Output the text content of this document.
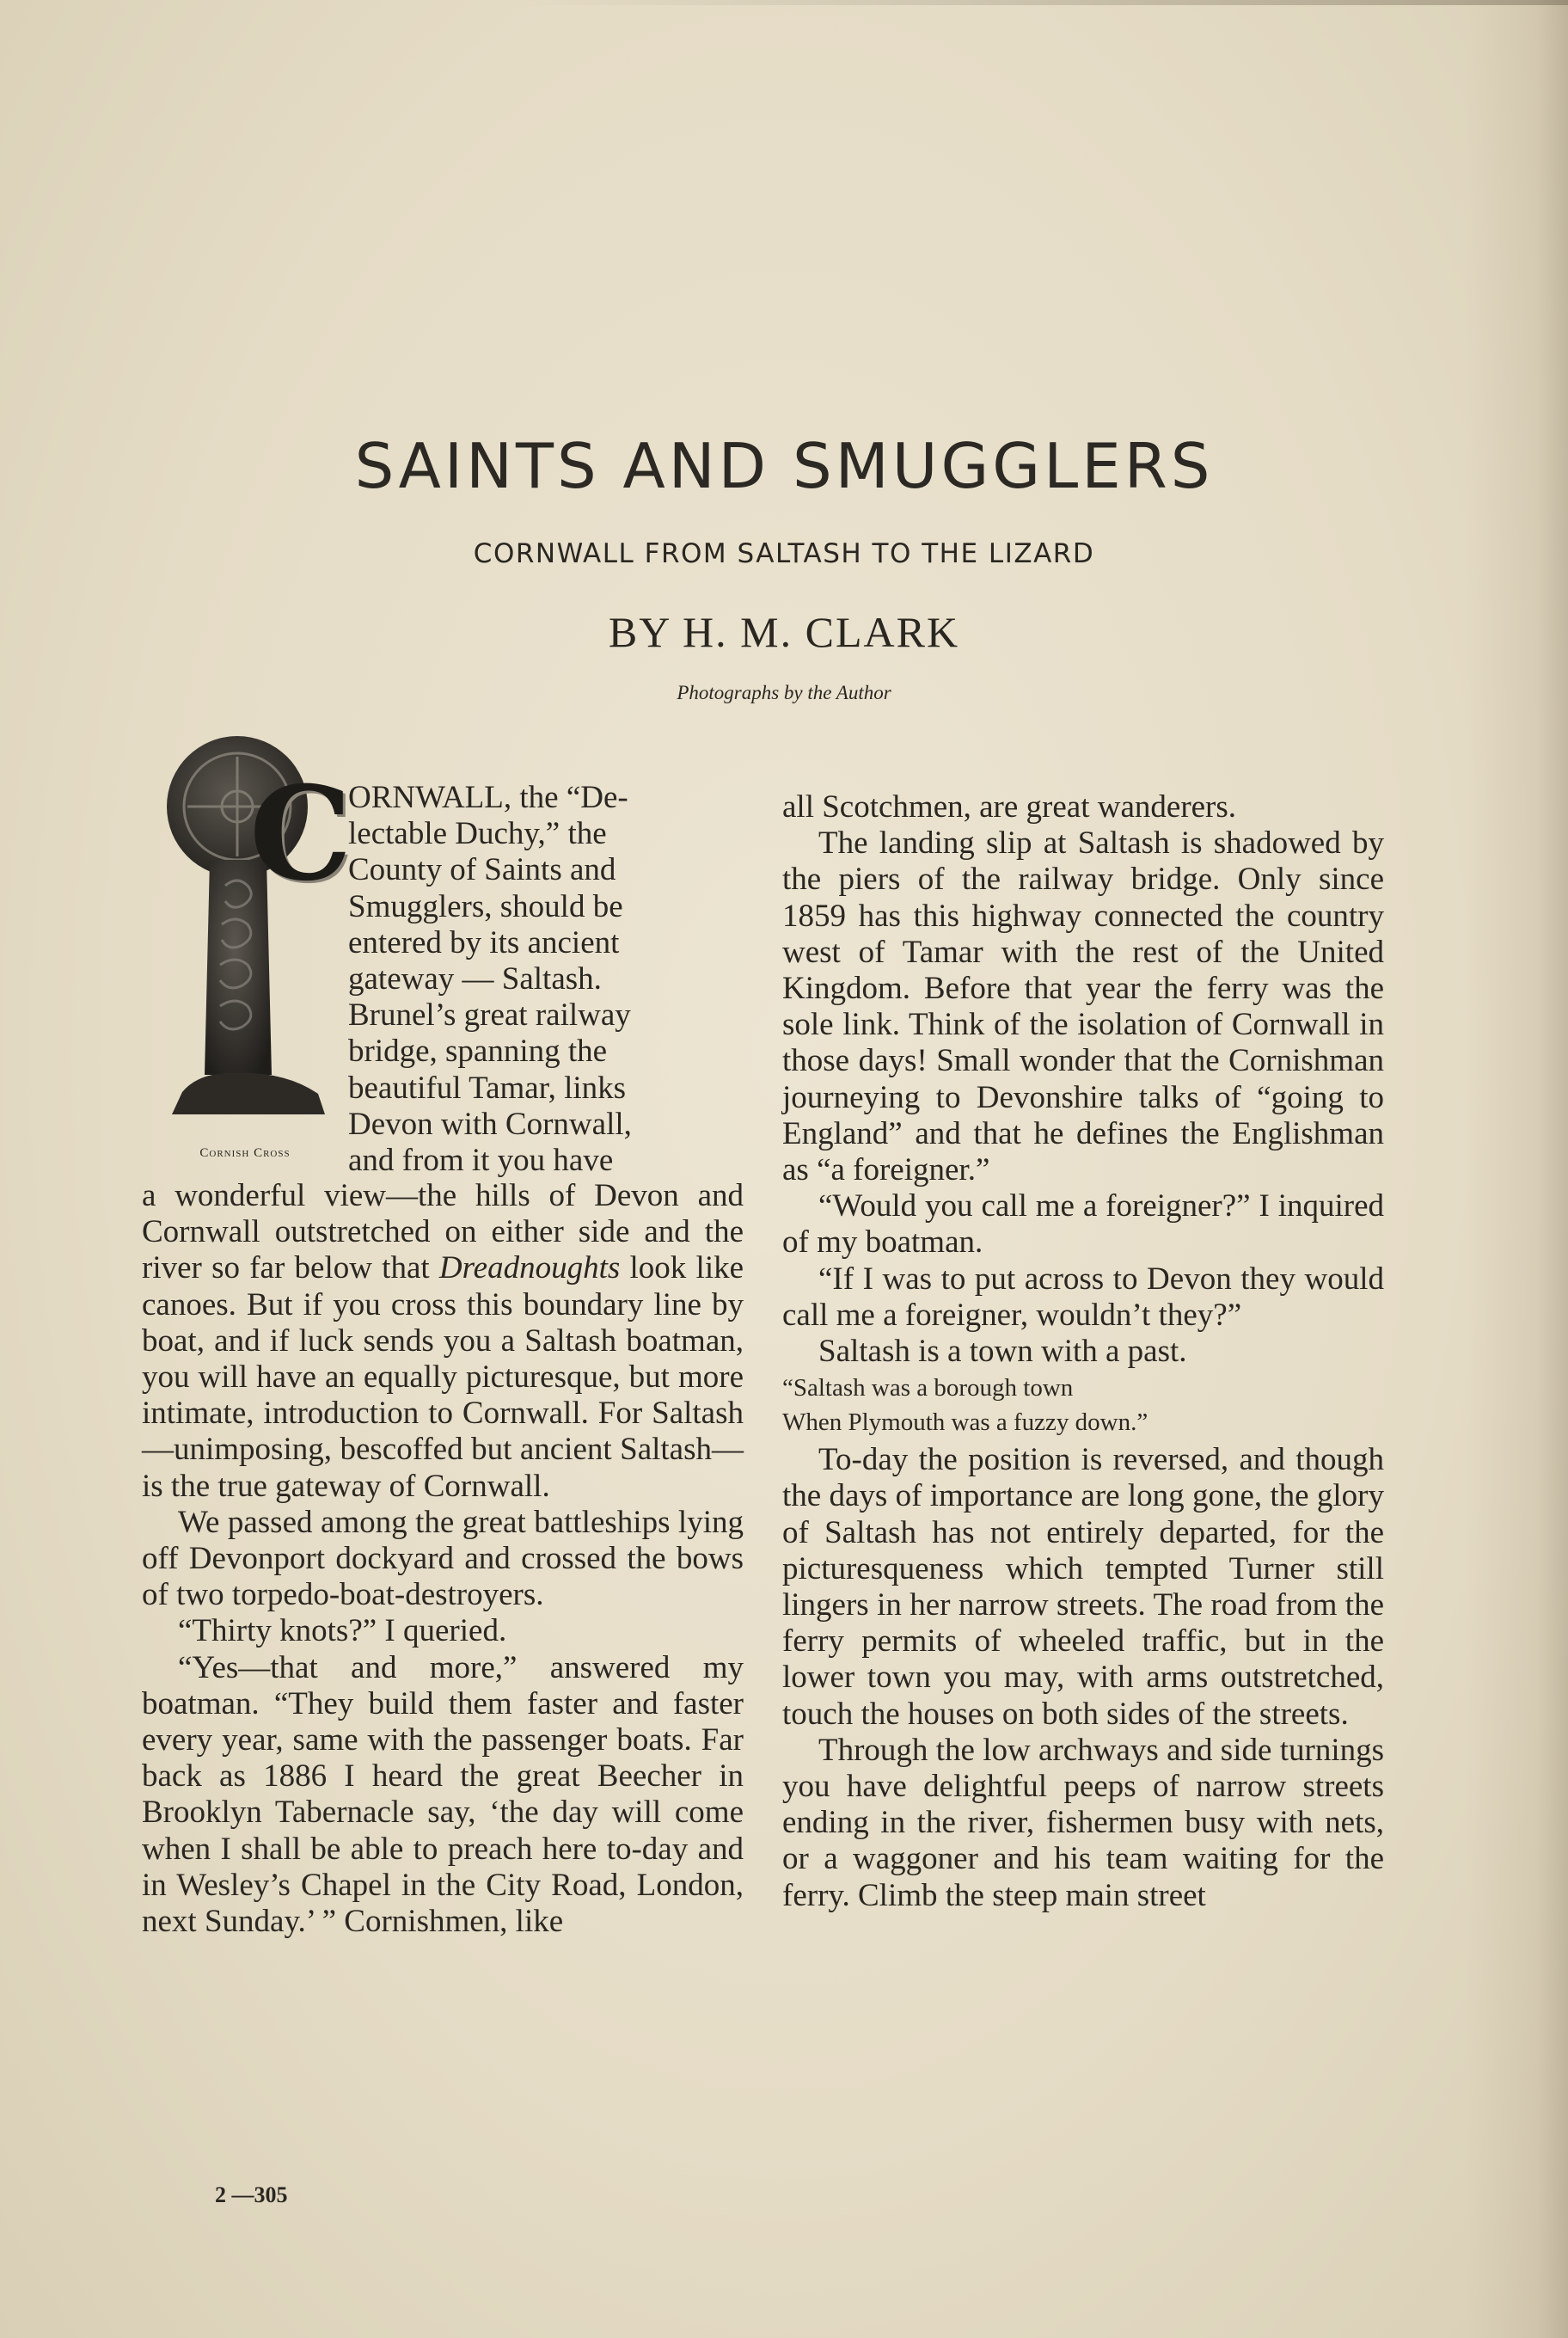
SAINTS AND SMUGGLERS
CORNWALL FROM SALTASH TO THE LIZARD
BY H. M. CLARK
Photographs by the Author
C
Cornish Cross
ORNWALL, the “De-
lectable Duchy,” the
County of Saints and
Smugglers, should be
entered by its ancient
gateway — Saltash.
Brunel’s great railway
bridge, spanning the
beautiful Tamar, links
Devon with Cornwall,
and from it you have

a wonderful view—the hills of Devon and Cornwall outstretched on either side and the river so far below that Dreadnoughts look like canoes. But if you cross this boundary line by boat, and if luck sends you a Saltash boatman, you will have an equally picturesque, but more intimate, introduction to Cornwall. For Saltash—unimposing, bescoffed but ancient Saltash—is the true gateway of Cornwall.

We passed among the great battleships lying off Devonport dockyard and crossed the bows of two torpedo-boat-destroyers.

“Thirty knots?” I queried.

“Yes—that and more,” answered my boatman. “They build them faster and faster every year, same with the passenger boats. Far back as 1886 I heard the great Beecher in Brooklyn Tabernacle say, ‘the day will come when I shall be able to preach here to-day and in Wesley’s Chapel in the City Road, London, next Sunday.’ ” Cornishmen, like

all Scotchmen, are great wanderers.

The landing slip at Saltash is shadowed by the piers of the railway bridge. Only since 1859 has this highway connected the country west of Tamar with the rest of the United Kingdom. Before that year the ferry was the sole link. Think of the isolation of Cornwall in those days! Small wonder that the Cornishman journeying to Devonshire talks of “going to England” and that he defines the Englishman as “a foreigner.”

“Would you call me a foreigner?” I inquired of my boatman.

“If I was to put across to Devon they would call me a foreigner, wouldn’t they?”

Saltash is a town with a past.

“Saltash was a borough town

When Plymouth was a fuzzy down.”

To-day the position is reversed, and though the days of importance are long gone, the glory of Saltash has not entirely departed, for the picturesqueness which tempted Turner still lingers in her narrow streets. The road from the ferry permits of wheeled traffic, but in the lower town you may, with arms outstretched, touch the houses on both sides of the streets.

Through the low archways and side turnings you have delightful peeps of narrow streets ending in the river, fishermen busy with nets, or a waggoner and his team waiting for the ferry. Climb the steep main street

2 —305
